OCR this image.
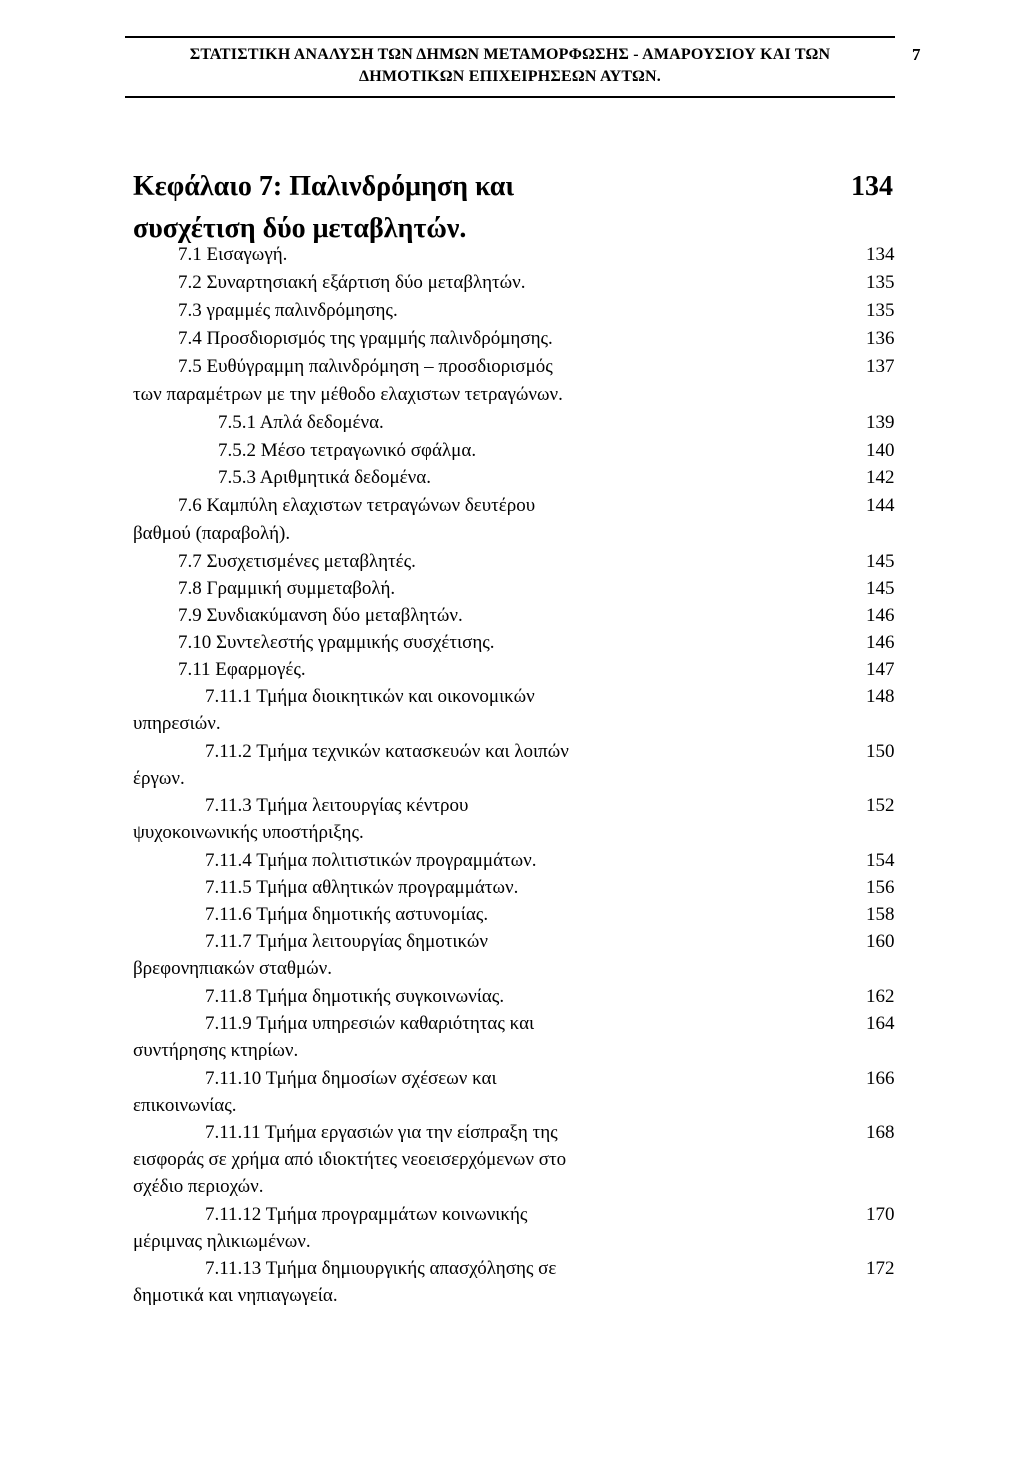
ΣΤΑΤΙΣΤΙΚΗ ΑΝΑΛΥΣΗ ΤΩΝ ΔΗΜΩΝ ΜΕΤΑΜΟΡΦΩΣΗΣ - ΑΜΑΡΟΥΣΙΟΥ ΚΑΙ ΤΩΝ
ΔΗΜΟΤΙΚΩΝ ΕΠΙΧΕΙΡΗΣΕΩΝ ΑΥΤΩΝ.
7
Κεφάλαιο 7: Παλινδρόμηση και
συσχέτιση δύο μεταβλητών.
134
7.1 Εισαγωγή.	134
7.2 Συναρτησιακή εξάρτιση δύο μεταβλητών.	135
7.3 γραμμές παλινδρόμησης.	135
7.4 Προσδιορισμός της γραμμής παλινδρόμησης.	136
7.5 Ευθύγραμμη παλινδρόμηση – προσδιορισμός	137
των παραμέτρων με την μέθοδο ελαχιστων τετραγώνων.
7.5.1 Απλά δεδομένα.	139
7.5.2 Μέσο τετραγωνικό σφάλμα.	140
7.5.3 Αριθμητικά δεδομένα.	142
7.6 Καμπύλη ελαχιστων τετραγώνων δευτέρου	144
βαθμού (παραβολή).
7.7 Συσχετισμένες μεταβλητές.	145
7.8 Γραμμική συμμεταβολή.	145
7.9 Συνδιακύμανση δύο μεταβλητών.	146
7.10 Συντελεστής γραμμικής συσχέτισης.	146
7.11 Εφαρμογές.	147
7.11.1 Τμήμα διοικητικών και οικονομικών	148
υπηρεσιών.
7.11.2 Τμήμα τεχνικών κατασκευών και λοιπών	150
έργων.
7.11.3 Τμήμα λειτουργίας κέντρου	152
ψυχοκοινωνικής υποστήριξης.
7.11.4 Τμήμα πολιτιστικών προγραμμάτων.	154
7.11.5 Τμήμα αθλητικών προγραμμάτων.	156
7.11.6 Τμήμα δημοτικής αστυνομίας.	158
7.11.7 Τμήμα λειτουργίας δημοτικών	160
βρεφονηπιακών σταθμών.
7.11.8 Τμήμα δημοτικής συγκοινωνίας.	162
7.11.9 Τμήμα υπηρεσιών καθαριότητας και	164
συντήρησης κτηρίων.
7.11.10 Τμήμα δημοσίων σχέσεων και	166
επικοινωνίας.
7.11.11 Τμήμα εργασιών για την είσπραξη της	168
εισφοράς σε χρήμα από ιδιοκτήτες νεοεισερχόμενων στο
σχέδιο περιοχών.
7.11.12 Τμήμα προγραμμάτων κοινωνικής	170
μέριμνας ηλικιωμένων.
7.11.13 Τμήμα δημιουργικής απασχόλησης σε	172
δημοτικά και νηπιαγωγεία.
